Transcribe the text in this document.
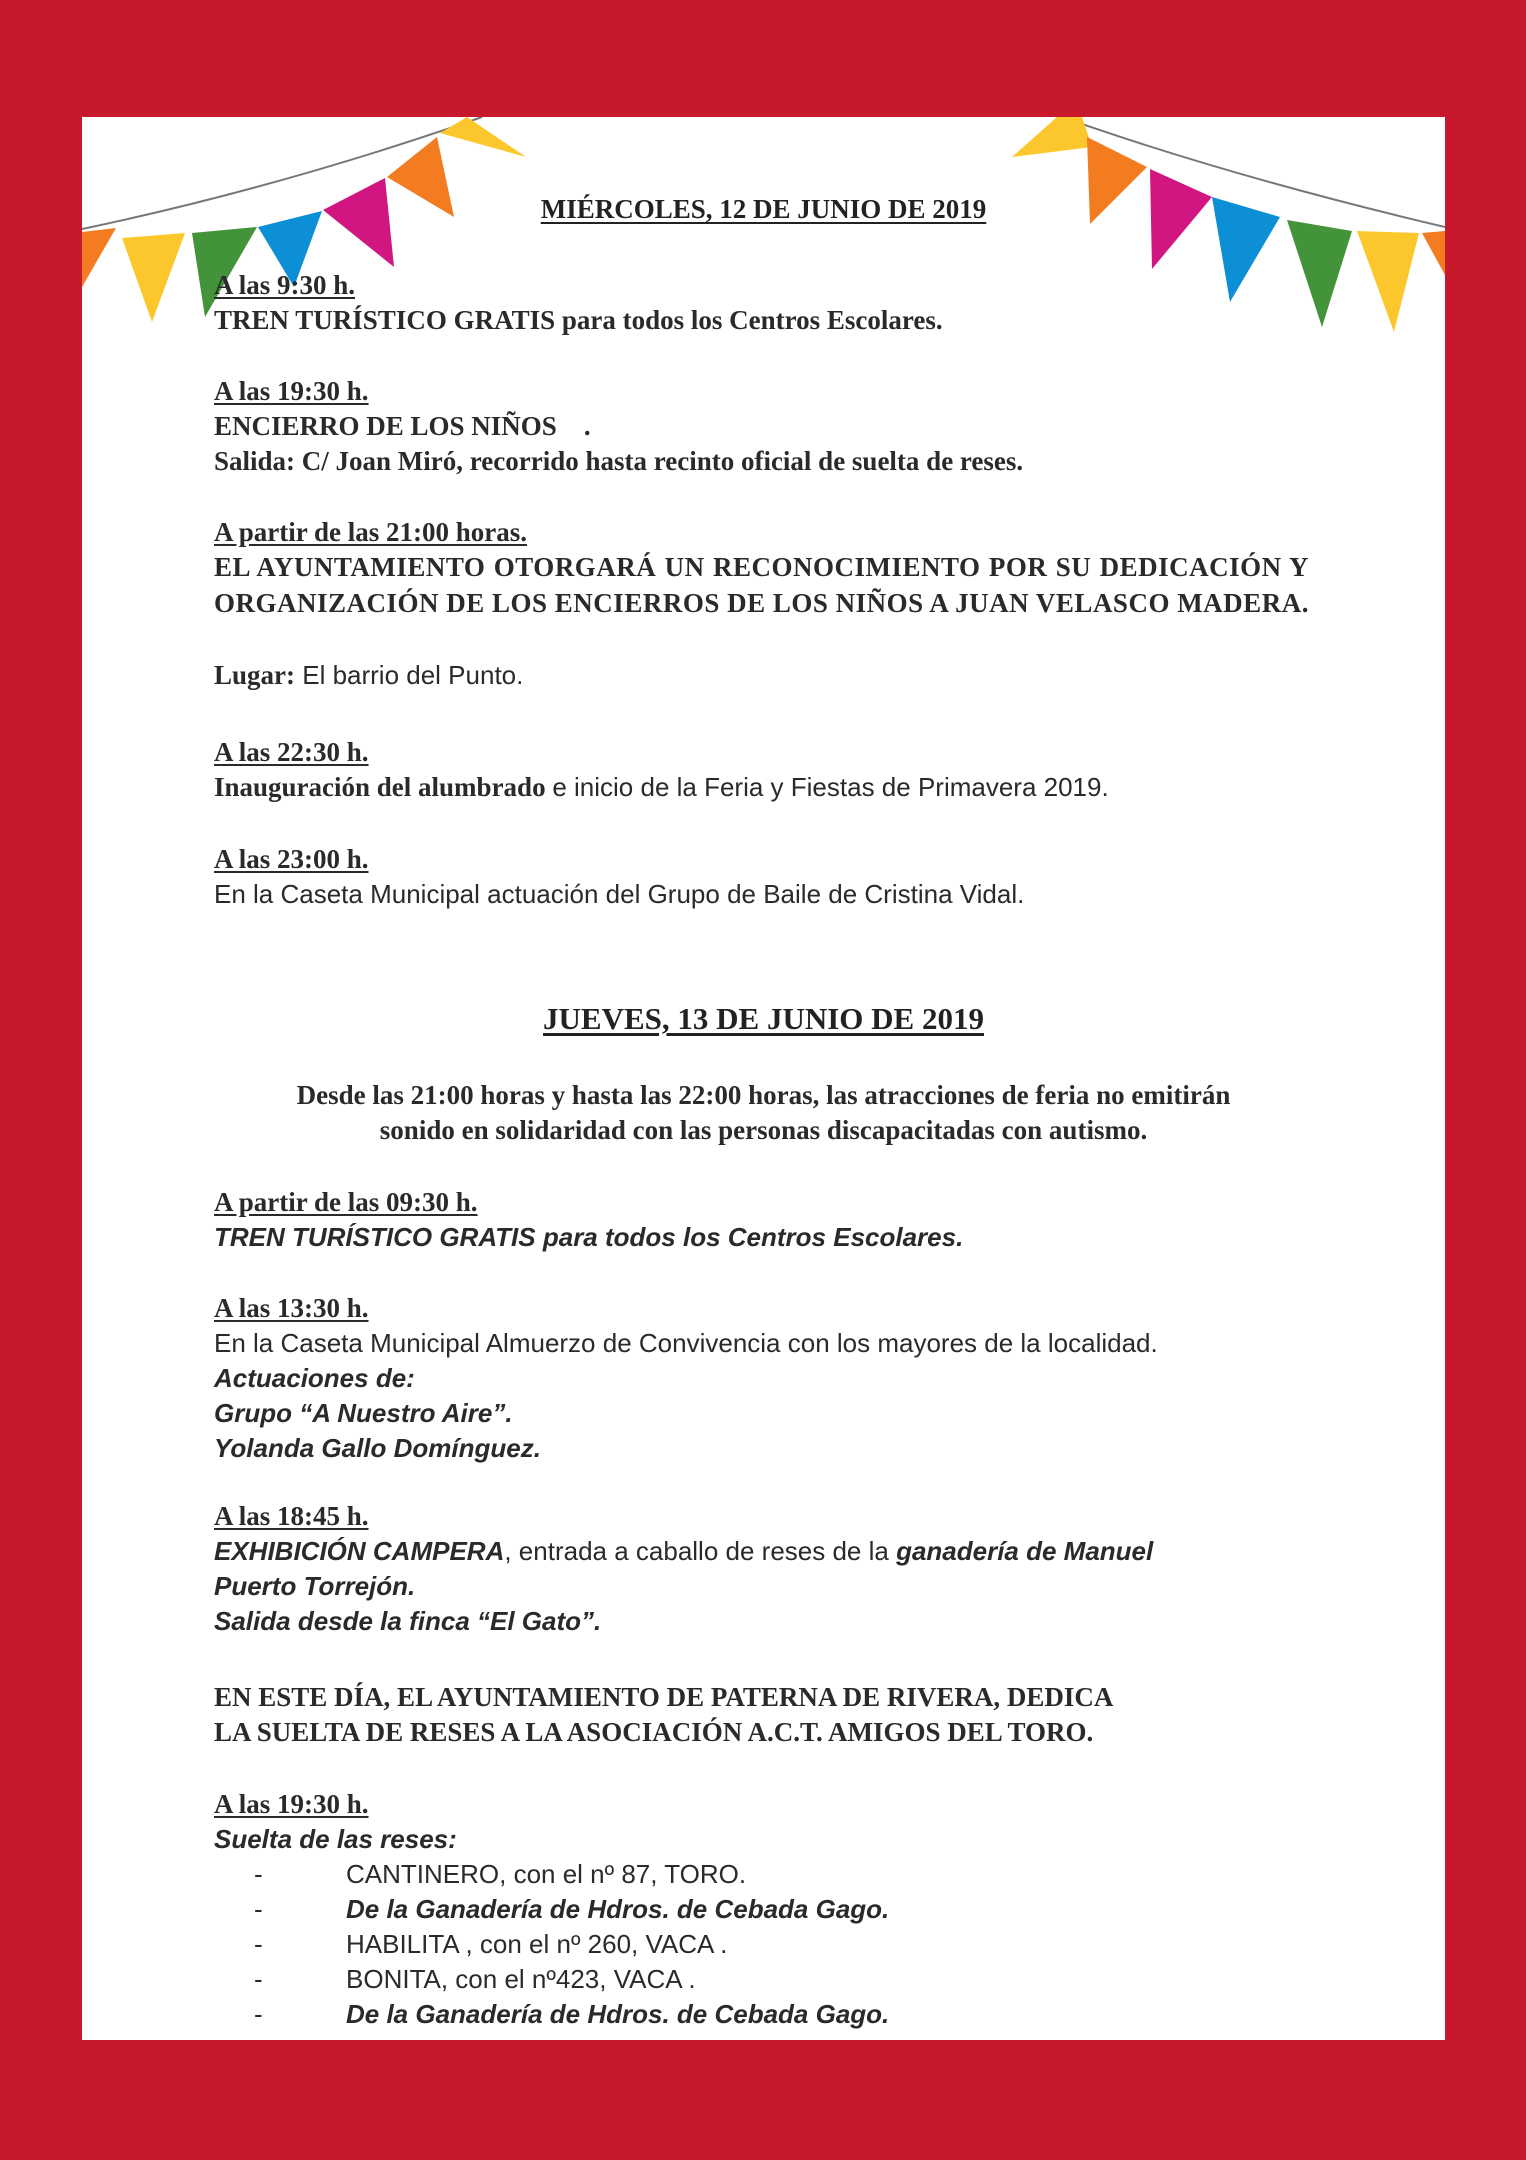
MIÉRCOLES, 12 DE JUNIO DE 2019
A las 9:30 h.
TREN TURÍSTICO GRATIS para todos los Centros Escolares.
A las 19:30 h.
ENCIERRO DE LOS NIÑOS    .
Salida: C/ Joan Miró, recorrido hasta recinto oficial de suelta de reses.
A partir de las 21:00 horas.
EL AYUNTAMIENTO OTORGARÁ UN RECONOCIMIENTO POR SU DEDICACIÓN Y ORGANIZACIÓN DE LOS ENCIERROS DE LOS NIÑOS A JUAN VELASCO MADERA.
Lugar: El barrio del Punto.
A las 22:30 h.
Inauguración del alumbrado e inicio de la Feria y Fiestas de Primavera 2019.
A las 23:00 h.
En la Caseta Municipal actuación del Grupo de Baile de Cristina Vidal.
JUEVES, 13 DE JUNIO DE 2019
Desde las 21:00 horas y hasta las 22:00 horas, las atracciones de feria no emitirán
sonido en solidaridad con las personas discapacitadas con autismo.
A partir de las 09:30 h.
TREN TURÍSTICO GRATIS para todos los Centros Escolares.
A las 13:30 h.
En la Caseta Municipal Almuerzo de Convivencia con los mayores de la localidad.
Actuaciones de:
Grupo “A Nuestro Aire”.
Yolanda Gallo Domínguez.
A las 18:45 h.
EXHIBICIÓN CAMPERA, entrada a caballo de reses de la ganadería de Manuel
Puerto Torrejón.
Salida desde la finca “El Gato”.
EN ESTE DÍA, EL AYUNTAMIENTO DE PATERNA DE RIVERA, DEDICA
LA SUELTA DE RESES A LA ASOCIACIÓN A.C.T. AMIGOS DEL TORO.
A las 19:30 h.
Suelta de las reses:
-	CANTINERO, con el nº 87, TORO.
-	De la Ganadería de Hdros. de Cebada Gago.
-	HABILITA , con el nº 260, VACA .
-	BONITA, con el nº423, VACA .
-	De la Ganadería de Hdros. de Cebada Gago.
